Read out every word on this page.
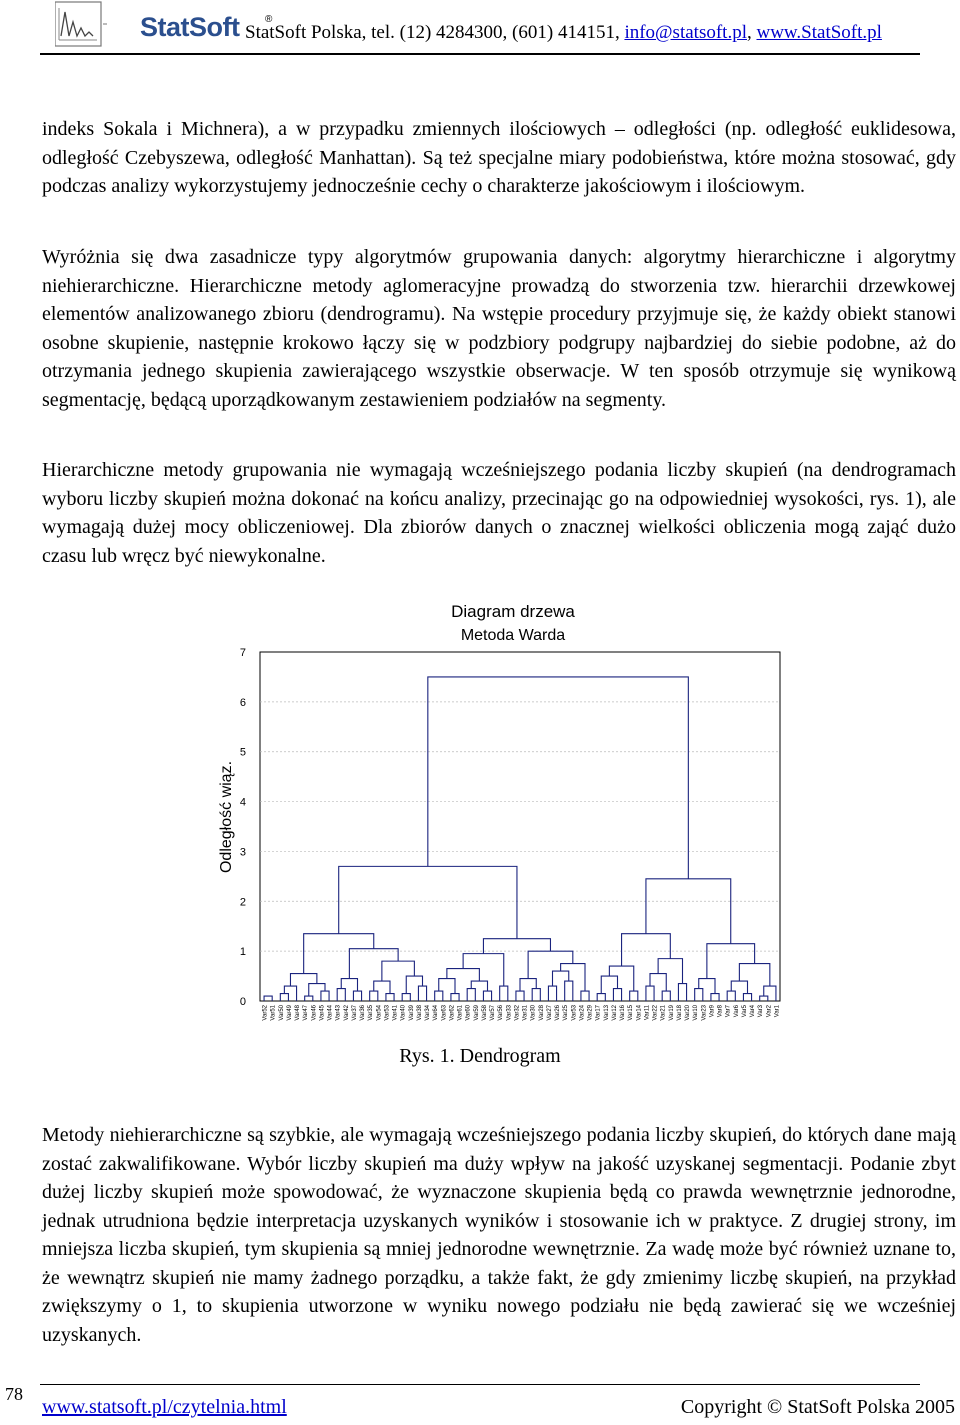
StatSoft	®
StatSoft Polska, tel. (12) 4284300, (601) 414151, info@statsoft.pl, www.StatSoft.pl

indeks Sokala i Michnera), a w przypadku zmiennych ilościowych – odległości (np. odległość euklidesowa, odległość Czebyszewa, odległość Manhattan). Są też specjalne miary podobieństwa, które można stosować, gdy podczas analizy wykorzystujemy jednocześnie cechy o charakterze jakościowym i ilościowym.

Wyróżnia się dwa zasadnicze typy algorytmów grupowania danych: algorytmy hierarchiczne i algorytmy niehierarchiczne. Hierarchiczne metody aglomeracyjne prowadzą do stworzenia tzw. hierarchii drzewkowej elementów analizowanego zbioru (dendrogramu). Na wstępie procedury przyjmuje się, że każdy obiekt stanowi osobne skupienie, następnie krokowo łączy się w podzbiory podgrupy najbardziej do siebie podobne, aż do otrzymania jednego skupienia zawierającego wszystkie obserwacje. W ten sposób otrzymuje się wynikową segmentację, będącą uporządkowanym zestawieniem podziałów na segmenty.

Hierarchiczne metody grupowania nie wymagają wcześniejszego podania liczby skupień (na dendrogramach wyboru liczby skupień można dokonać na końcu analizy, przecinając go na odpowiedniej wysokości, rys. 1), ale wymagają dużej mocy obliczeniowej. Dla zbiorów danych o znacznej wielkości obliczenia mogą zająć dużo czasu lub wręcz być niewykonalne.

Diagram drzewa
Metoda Warda
Odległość wiąz.
0
1
2
3
4
5
6
7
Var52 Var51 Var50 Var49 Var48 Var47 Var46 Var45 Var44 Var43 Var42 Var37 Var36 Var35 Var54 Var53 Var41 Var40 Var39 Var38 Var34 Var64 Var63 Var62 Var61 Var60 Var59 Var58 Var57 Var56 Var33 Var32 Var31 Var30 Var28 Var27 Var26 Var25 Var53 Var24 Var29 Var17 Var13 Var12 Var16 Var15 Var14 Var11 Var22 Var21 Var19 Var18 Var20 Var10 Var23 Var9 Var8 Var7 Var6 Var5 Var4 Var3 Var2 Var1
Rys. 1. Dendrogram

Metody niehierarchiczne są szybkie, ale wymagają wcześniejszego podania liczby skupień, do których dane mają zostać zakwalifikowane. Wybór liczby skupień ma duży wpływ na jakość uzyskanej segmentacji. Podanie zbyt dużej liczby skupień może spowodować, że wyznaczone skupienia będą co prawda wewnętrznie jednorodne, jednak utrudniona będzie interpretacja uzyskanych wyników i stosowanie ich w praktyce. Z drugiej strony, im mniejsza liczba skupień, tym skupienia są mniej jednorodne wewnętrznie. Za wadę może być również uznane to, że wewnątrz skupień nie mamy żadnego porządku, a także fakt, że gdy zmienimy liczbę skupień, na przykład zwiększymy o 1, to skupienia utworzone w wyniku nowego podziału nie będą zawierać się we wcześniej uzyskanych.

78
www.statsoft.pl/czytelnia.html	Copyright © StatSoft Polska 2005
